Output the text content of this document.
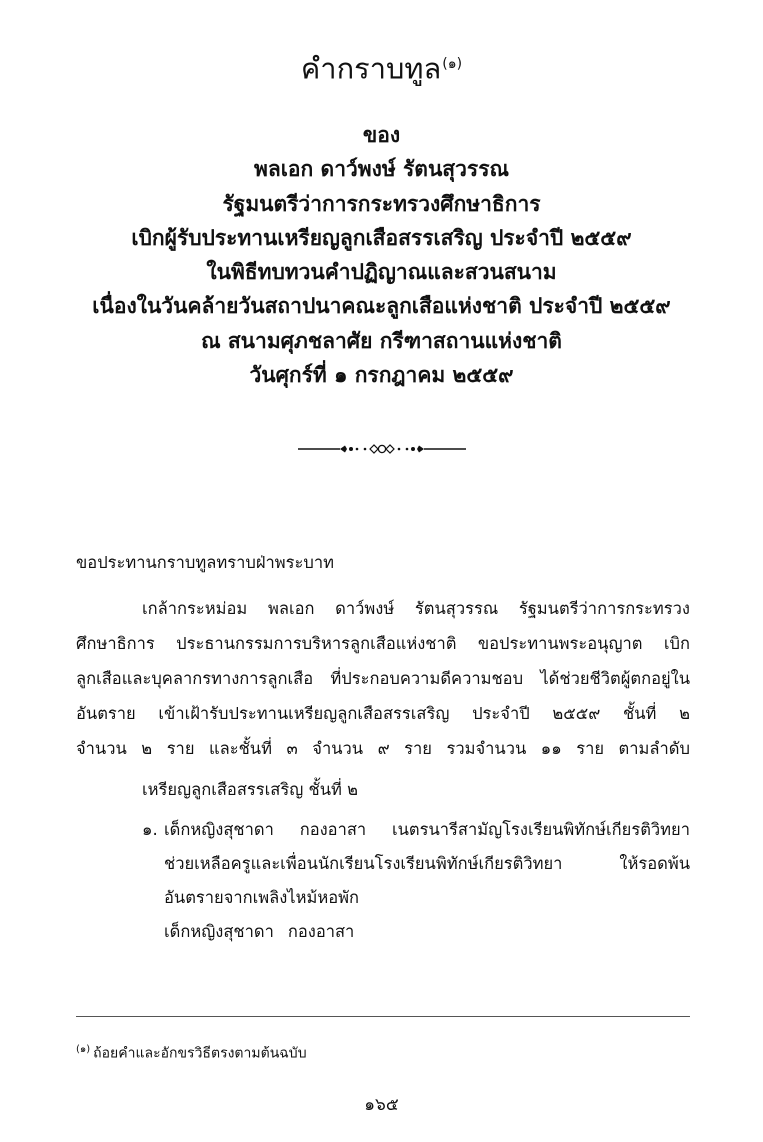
คำกราบทูล$^{(๑)}$
ของ
พลเอก ดาว์พงษ์ รัตนสุวรรณ
รัฐมนตรีว่าการกระทรวงศึกษาธิการ
เบิกผู้รับประทานเหรียญลูกเสือสรรเสริญ ประจำปี ๒๕๕๙
ในพิธีทบทวนคำปฏิญาณและสวนสนาม
เนื่องในวันคล้ายวันสถาปนาคณะลูกเสือแห่งชาติ ประจำปี ๒๕๕๙
ณ สนามศุภชลาศัย กรีฑาสถานแห่งชาติ
วันศุกร์ที่ ๑ กรกฎาคม ๒๕๕๙
ขอประทานกราบทูลทราบฝ่าพระบาท
เกล้ากระหม่อม พลเอก ดาว์พงษ์ รัตนสุวรรณ รัฐมนตรีว่าการกระทรวง
ศึกษาธิการ ประธานกรรมการบริหารลูกเสือแห่งชาติ ขอประทานพระอนุญาต เบิก
ลูกเสือและบุคลากรทางการลูกเสือ ที่ประกอบความดีความชอบ ได้ช่วยชีวิตผู้ตกอยู่ใน
อันตราย เข้าเฝ้ารับประทานเหรียญลูกเสือสรรเสริญ ประจำปี ๒๕๕๙ ชั้นที่ ๒
จำนวน ๒ ราย และชั้นที่ ๓ จำนวน ๙ ราย รวมจำนวน ๑๑ ราย ตามลำดับ
เหรียญลูกเสือสรรเสริญ ชั้นที่ ๒
๑. เด็กหญิงสุชาดา กองอาสา เนตรนารีสามัญโรงเรียนพิทักษ์เกียรติวิทยา
ช่วยเหลือครูและเพื่อนนักเรียนโรงเรียนพิทักษ์เกียรติวิทยา	ให้รอดพ้น
อันตรายจากเพลิงไหม้หอพัก
เด็กหญิงสุชาดา กองอาสา
$^{(๑)}$ ถ้อยคำและอักขรวิธีตรงตามต้นฉบับ
๑๖๕
